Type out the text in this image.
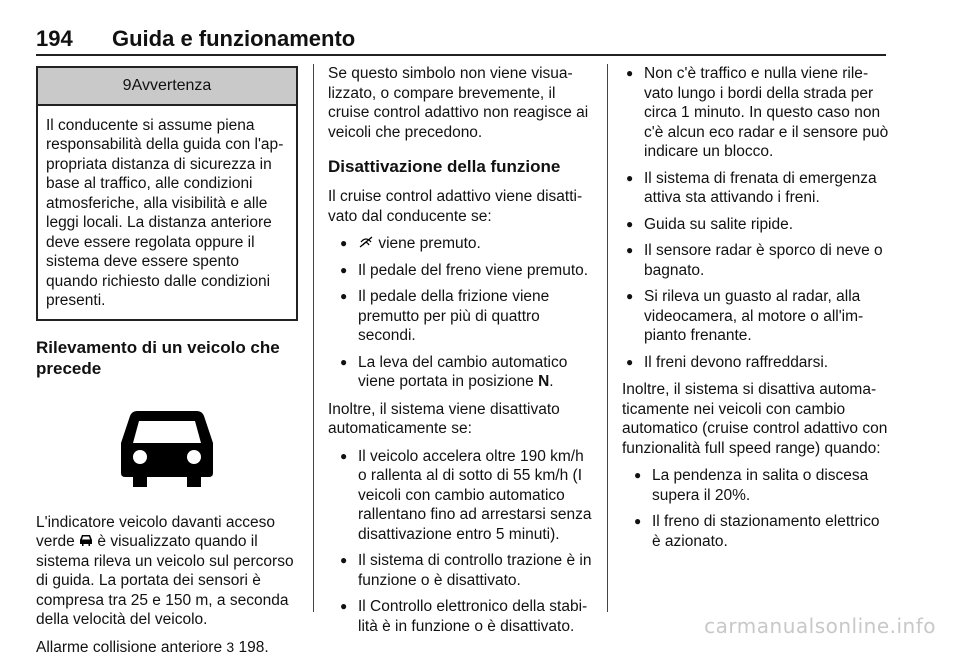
194 Guida e funzionamento
9Avvertenza
Il conducente si assume piena responsabilità della guida con l'appropriata distanza di sicurezza in base al traffico, alle condizioni atmosferiche, alla visibilità e alle leggi locali. La distanza anteriore deve essere regolata oppure il sistema deve essere spento quando richiesto dalle condizioni presenti.
Rilevamento di un veicolo che precede

L'indicatore veicolo davanti acceso verde  è visualizzato quando il sistema rileva un veicolo sul percorso di guida. La portata dei sensori è compresa tra 25 e 150 m, a seconda della velocità del veicolo.

Allarme collisione anteriore 3 198.

Se questo simbolo non viene visualizzato, o compare brevemente, il cruise control adattivo non reagisce ai veicoli che precedono.

Disattivazione della funzione

Il cruise control adattivo viene disattivato dal conducente se:

● viene premuto.
● Il pedale del freno viene premuto.
● Il pedale della frizione viene premutto per più di quattro secondi.
● La leva del cambio automatico viene portata in posizione N.

Inoltre, il sistema viene disattivato automaticamente se:

● Il veicolo accelera oltre 190 km/h o rallenta al di sotto di 55 km/h (I veicoli con cambio automatico rallentano fino ad arrestarsi senza disattivazione entro 5 minuti).
● Il sistema di controllo trazione è in funzione o è disattivato.
● Il Controllo elettronico della stabilità è in funzione o è disattivato.
● Non c'è traffico e nulla viene rilevato lungo i bordi della strada per circa 1 minuto. In questo caso non c'è alcun eco radar e il sensore può indicare un blocco.
● Il sistema di frenata di emergenza attiva sta attivando i freni.
● Guida su salite ripide.
● Il sensore radar è sporco di neve o bagnato.
● Si rileva un guasto al radar, alla videocamera, al motore o all'impianto frenante.
● Il freni devono raffreddarsi.

Inoltre, il sistema si disattiva automaticamente nei veicoli con cambio automatico (cruise control adattivo con funzionalità full speed range) quando:

● La pendenza in salita o discesa supera il 20%.
● Il freno di stazionamento elettrico è azionato.
carmanualsonline.info
